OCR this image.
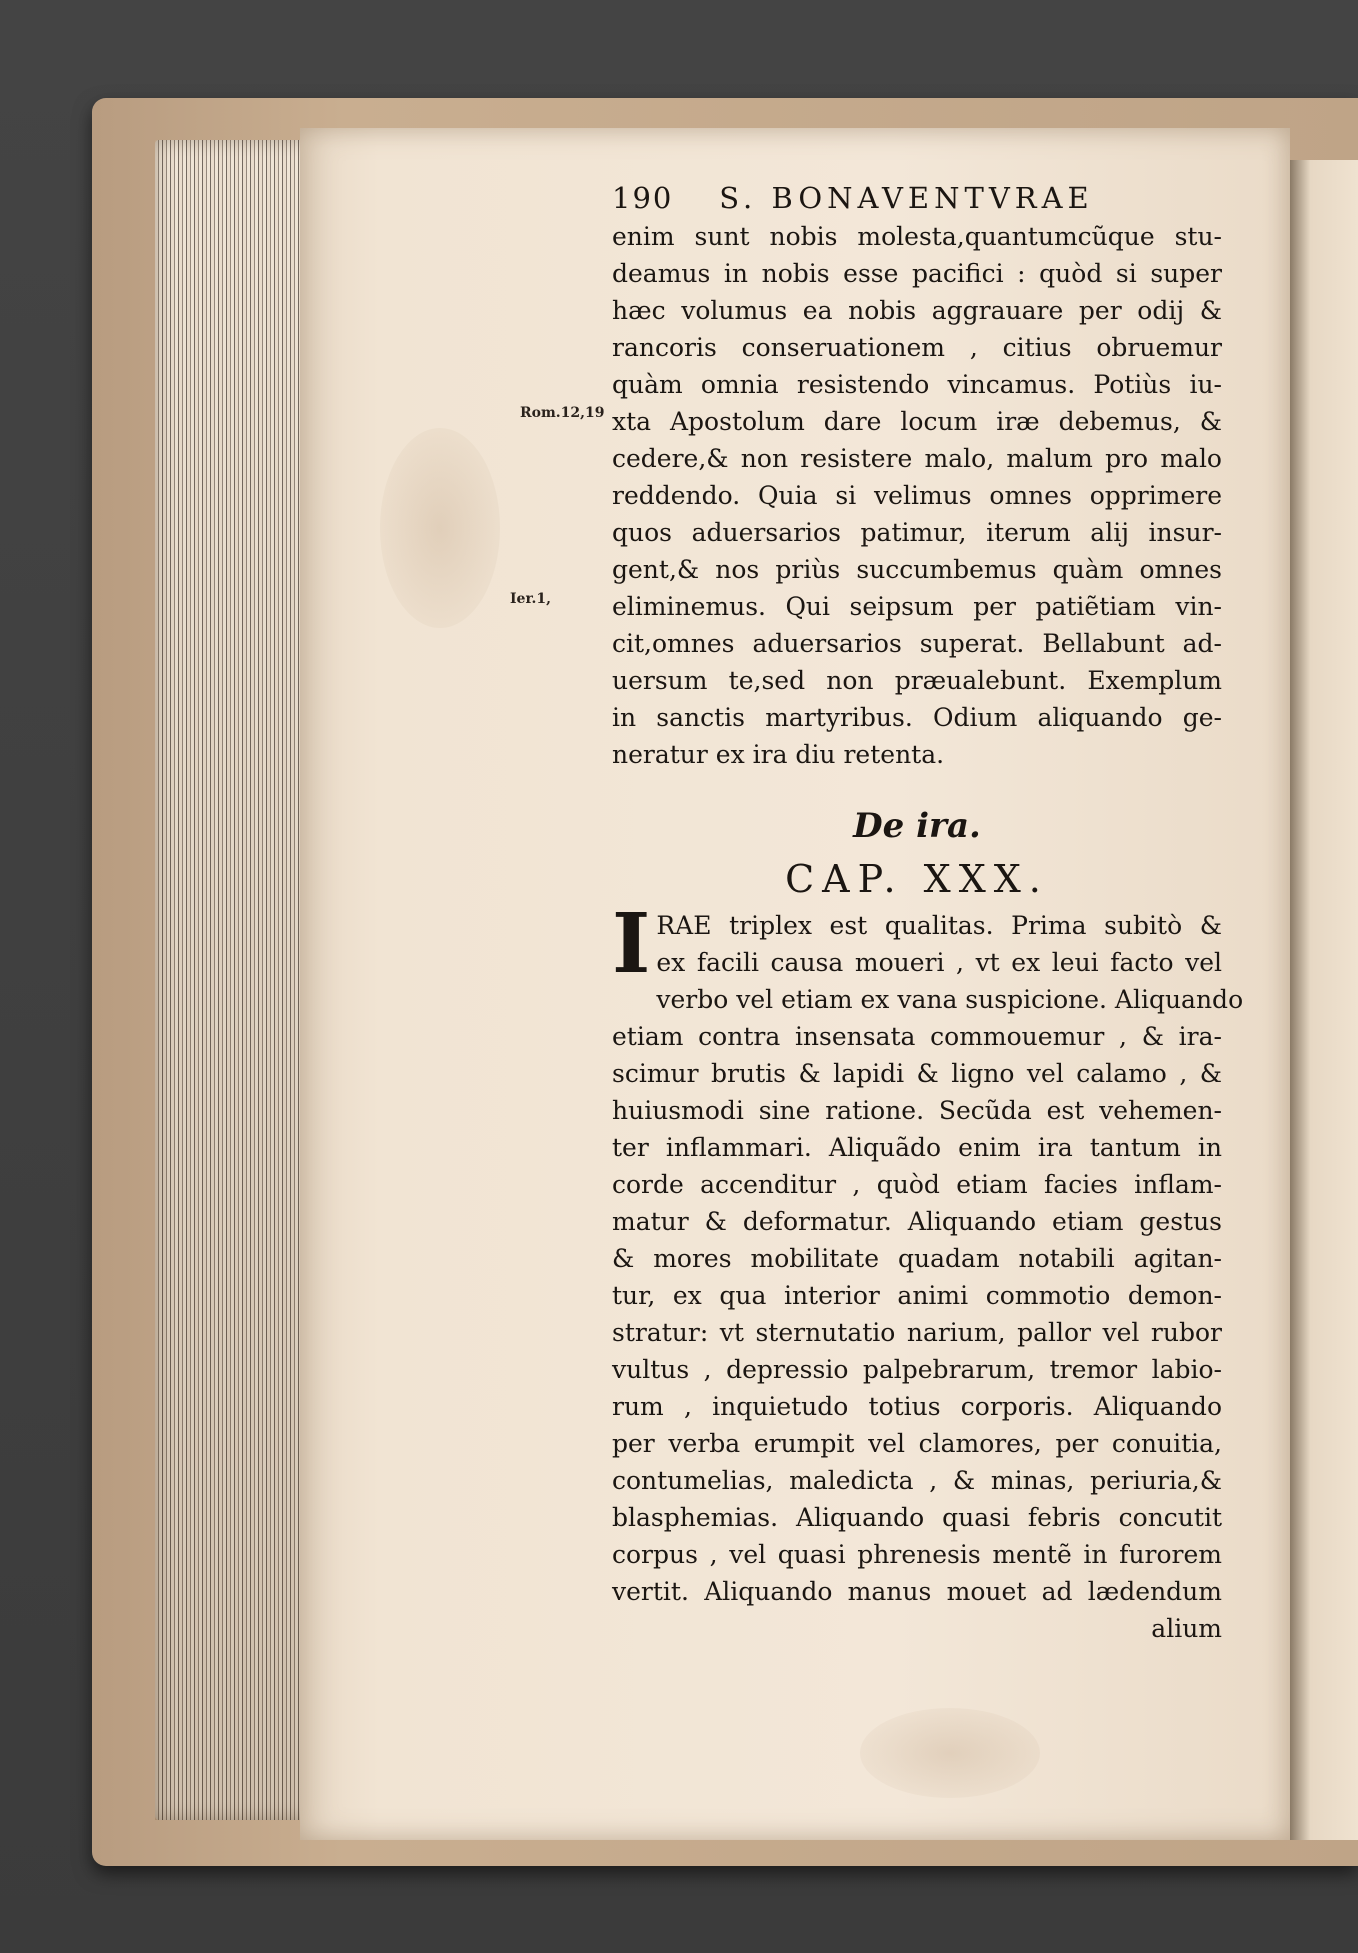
Rom.12,19
Ier.1,
190 S. BONAVENTVRAE
enim sunt nobis molesta,quantumcũque stu-
deamus in nobis esse pacifici : quòd si super
hæc volumus ea nobis aggrauare per odij &
rancoris conseruationem , citius obruemur
quàm omnia resistendo vincamus. Potiùs iu-
xta Apostolum dare locum iræ debemus, &
cedere,& non resistere malo, malum pro malo
reddendo. Quia si velimus omnes opprimere
quos aduersarios patimur, iterum alij insur-
gent,& nos priùs succumbemus quàm omnes
eliminemus. Qui seipsum per patiẽtiam vin-
cit,omnes aduersarios superat. Bellabunt ad-
uersum te,sed non præualebunt. Exemplum
in sanctis martyribus. Odium aliquando ge-
neratur ex ira diu retenta.
De ira.
CAP. XXX.
I RAE triplex est qualitas. Prima subitò &
ex facili causa moueri , vt ex leui facto vel
verbo vel etiam ex vana suspicione. Aliquando
etiam contra insensata commouemur , & ira-
scimur brutis & lapidi & ligno vel calamo , &
huiusmodi sine ratione. Secũda est vehemen-
ter inflammari. Aliquãdo enim ira tantum in
corde accenditur , quòd etiam facies inflam-
matur & deformatur. Aliquando etiam gestus
& mores mobilitate quadam notabili agitan-
tur, ex qua interior animi commotio demon-
stratur: vt sternutatio narium, pallor vel rubor
vultus , depressio palpebrarum, tremor labio-
rum , inquietudo totius corporis. Aliquando
per verba erumpit vel clamores, per conuitia,
contumelias, maledicta , & minas, periuria,&
blasphemias. Aliquando quasi febris concutit
corpus , vel quasi phrenesis mentẽ in furorem
vertit. Aliquando manus mouet ad lædendum
alium
